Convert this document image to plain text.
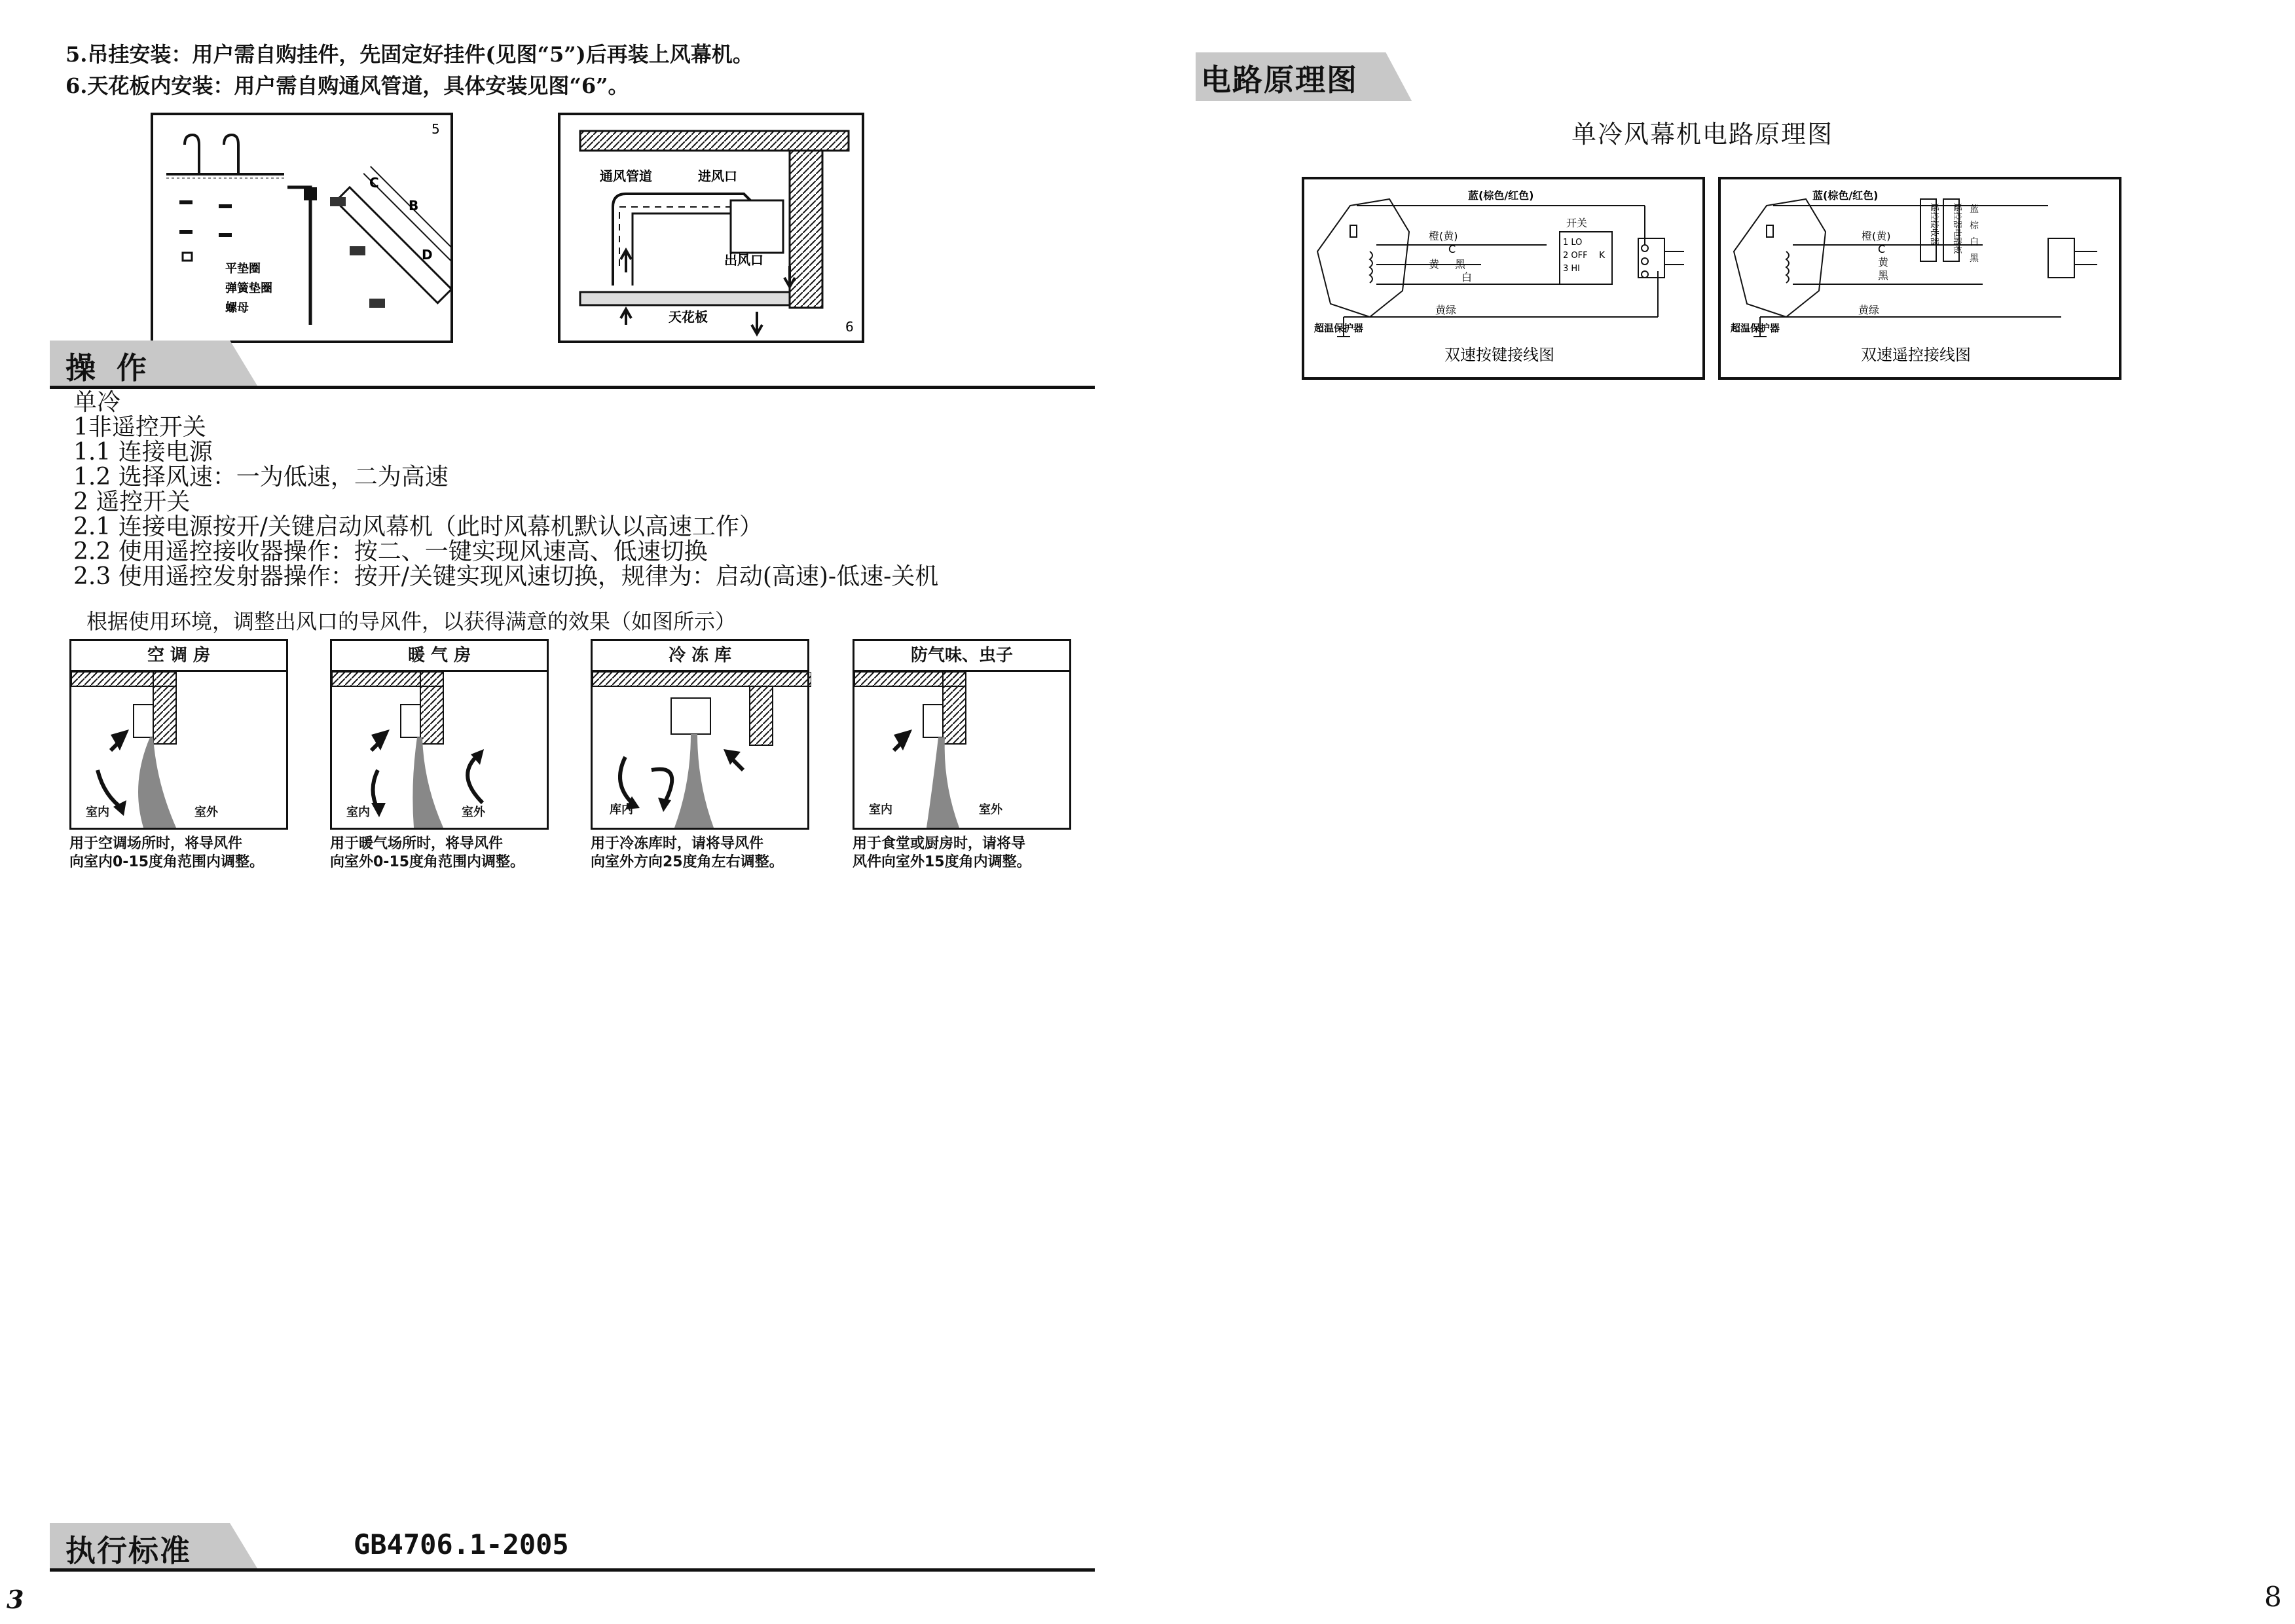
5.吊挂安装：用户需自购挂件，先固定好挂件(见图“5”)后再装上风幕机。
6.天花板内安装：用户需自购通风管道，具体安装见图“6”。
C
B
D
5
平垫圈
弹簧垫圈
螺母
通风管道	进风口
出风口
天花板
6
操 作
单冷
1非遥控开关
1.1 连接电源
1.2 选择风速：一为低速，二为高速
2 遥控开关
2.1 连接电源按开/关键启动风幕机（此时风幕机默认以高速工作）
2.2 使用遥控接收器操作：按二、一键实现风速高、低速切换
2.3 使用遥控发射器操作：按开/关键实现风速切换，规律为：启动(高速)-低速-关机
根据使用环境，调整出风口的导风件，以获得满意的效果（如图所示）
空 调 房
室内	室外
用于空调场所时，将导风件
向室内0-15度角范围内调整。
暖 气 房
室内	室外
用于暖气场所时，将导风件
向室外0-15度角范围内调整。
冷 冻 库
库内
用于冷冻库时，请将导风件
向室外方向25度角左右调整。
防气味、虫子
室内	室外
用于食堂或厨房时，请将导
风件向室外15度角内调整。
执行标准	GB4706.1-2005
3
电路原理图
单冷风幕机电路原理图
蓝(棕色/红色)
开关
橙(黄)
C
黄 黑
白
黄绿
超温保护器
1 LO
2 OFF
3 HI
K
双速按键接线图
蓝(棕色/红色)
橙(黄)
C
黄
黑
黄绿
超温保护器
遥控接收器 遥控器电路板 蓝
棕
白
黑
双速遥控接线图
8
